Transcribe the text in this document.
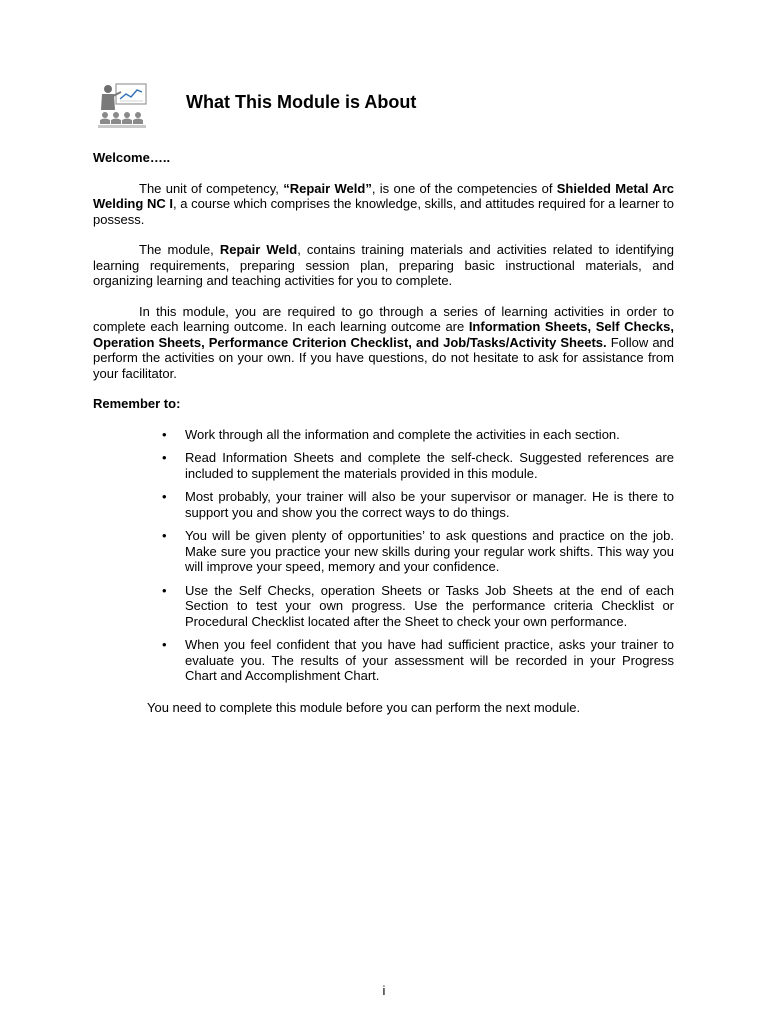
What This Module is About

Welcome…..

The unit of competency, “Repair Weld”, is one of the competencies of Shielded Metal Arc Welding NC I, a course which comprises the knowledge, skills, and attitudes required for a learner to possess.

The module, Repair Weld, contains training materials and activities related to identifying learning requirements, preparing session plan, preparing basic instructional materials, and organizing learning and teaching activities for you to complete.

In this module, you are required to go through a series of learning activities in order to complete each learning outcome. In each learning outcome are Information Sheets, Self Checks, Operation Sheets, Performance Criterion Checklist, and Job/Tasks/Activity Sheets. Follow and perform the activities on your own. If you have questions, do not hesitate to ask for assistance from your facilitator.

Remember to:

• Work through all the information and complete the activities in each section.
• Read Information Sheets and complete the self-check. Suggested references are included to supplement the materials provided in this module.
• Most probably, your trainer will also be your supervisor or manager. He is there to support you and show you the correct ways to do things.
• You will be given plenty of opportunities’ to ask questions and practice on the job. Make sure you practice your new skills during your regular work shifts. This way you will improve your speed, memory and your confidence.
• Use the Self Checks, operation Sheets or Tasks Job Sheets at the end of each Section to test your own progress. Use the performance criteria Checklist or Procedural Checklist located after the Sheet to check your own performance.
• When you feel confident that you have had sufficient practice, asks your trainer to evaluate you. The results of your assessment will be recorded in your Progress Chart and Accomplishment Chart.

You need to complete this module before you can perform the next module.

i
